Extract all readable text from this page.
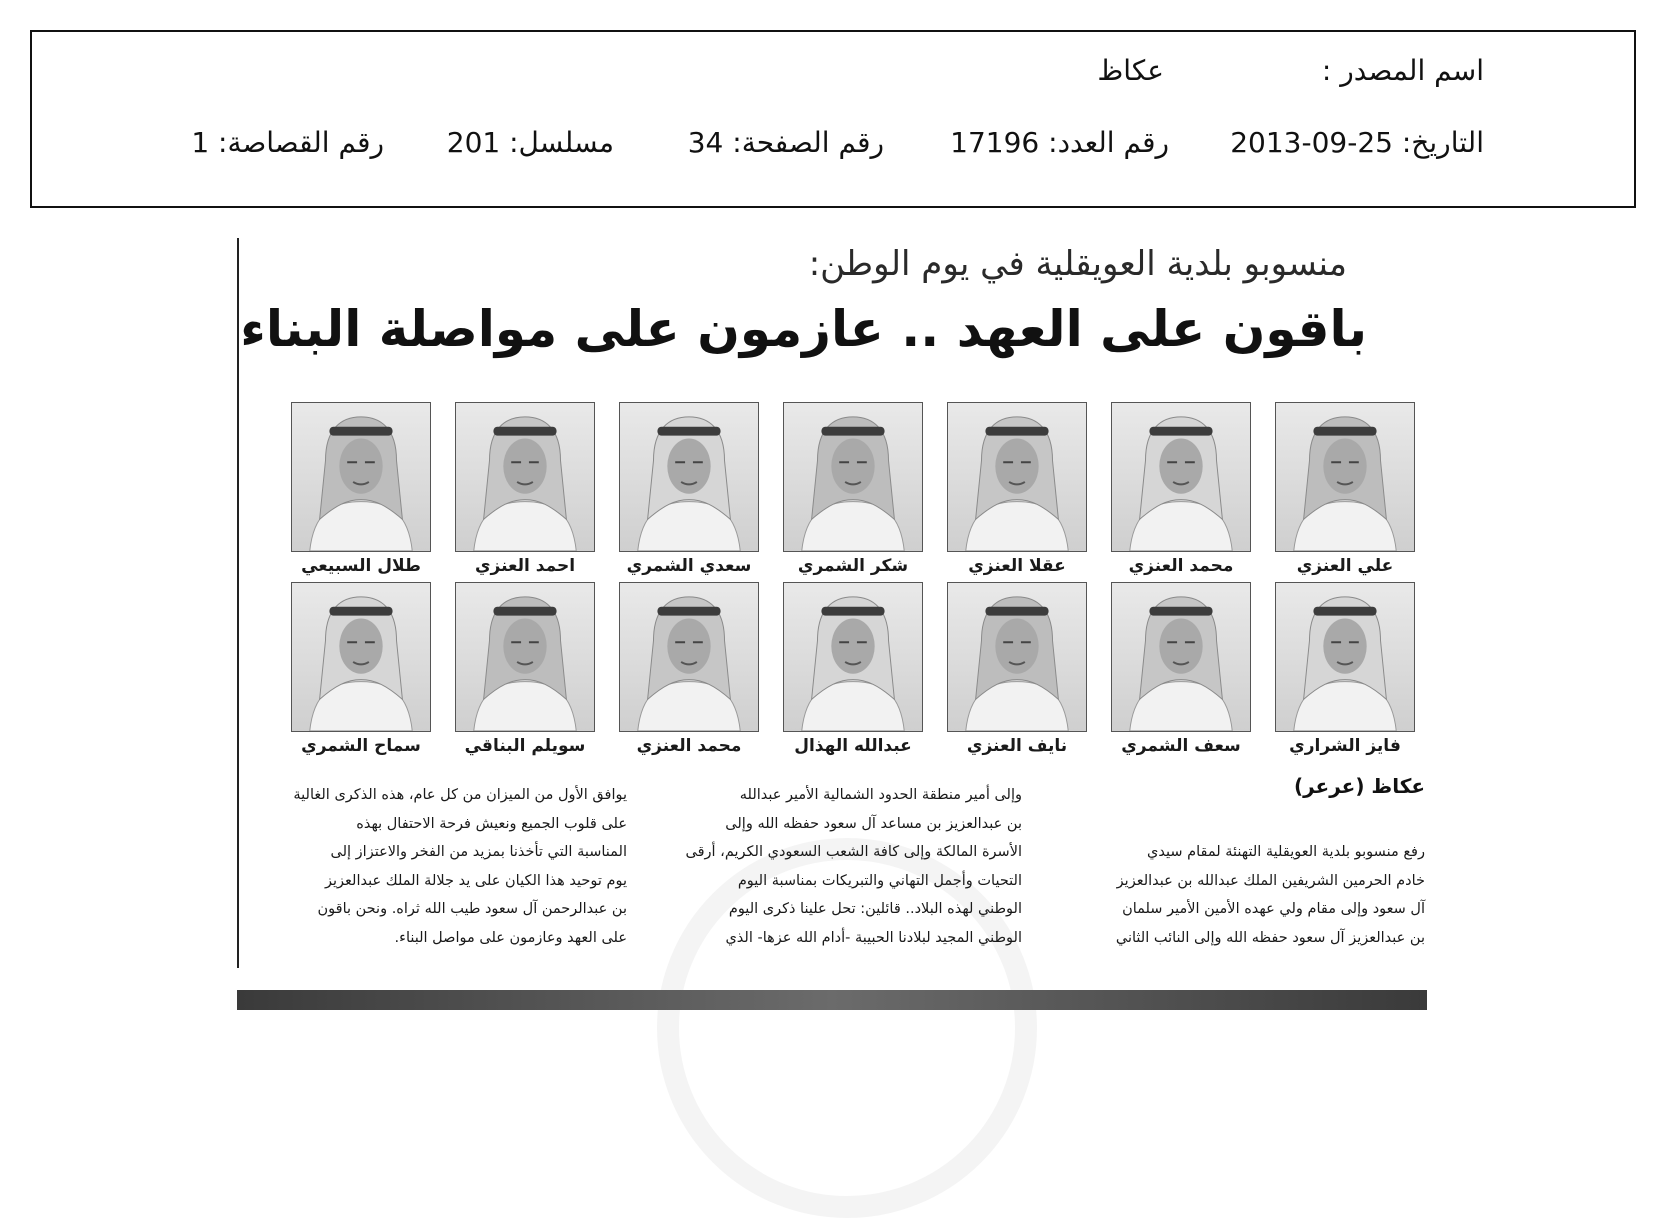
اسم المصدر :
عكاظ
التاريخ: 2013-09-25
رقم العدد: 17196
رقم الصفحة: 34
مسلسل: 201
رقم القصاصة: 1
منسوبو بلدية العويقلية في يوم الوطن:
باقون على العهد .. عازمون على مواصلة البناء
علي العنزي
محمد العنزي
عقلا العنزي
شكر الشمري
سعدي الشمري
احمد العنزي
طلال السبيعي
فايز الشراري
سعف الشمري
نايف العنزي
عبدالله الهذال
محمد العنزي
سويلم البناقي
سماح الشمري
عكاظ (عرعر)
رفع منسوبو بلدية العويقلية التهنئة لمقام سيدي
خادم الحرمين الشريفين الملك عبدالله بن عبدالعزيز
آل سعود وإلى مقام ولي عهده الأمين الأمير سلمان
بن عبدالعزيز آل سعود حفظه الله وإلى النائب الثاني
وإلى أمير منطقة الحدود الشمالية الأمير عبدالله
بن عبدالعزيز بن مساعد آل سعود حفظه الله وإلى
الأسرة المالكة وإلى كافة الشعب السعودي الكريم، أرقى
التحيات وأجمل التهاني والتبريكات بمناسبة اليوم
الوطني لهذه البلاد.. قائلين: تحل علينا ذكرى اليوم
الوطني المجيد لبلادنا الحبيبة -أدام الله عزها- الذي
يوافق الأول من الميزان من كل عام، هذه الذكرى الغالية
على قلوب الجميع ونعيش فرحة الاحتفال بهذه
المناسبة التي تأخذنا بمزيد من الفخر والاعتزاز إلى
يوم توحيد هذا الكيان على يد جلالة الملك عبدالعزيز
بن عبدالرحمن آل سعود طيب الله ثراه. ونحن باقون
على العهد وعازمون على مواصل البناء.
